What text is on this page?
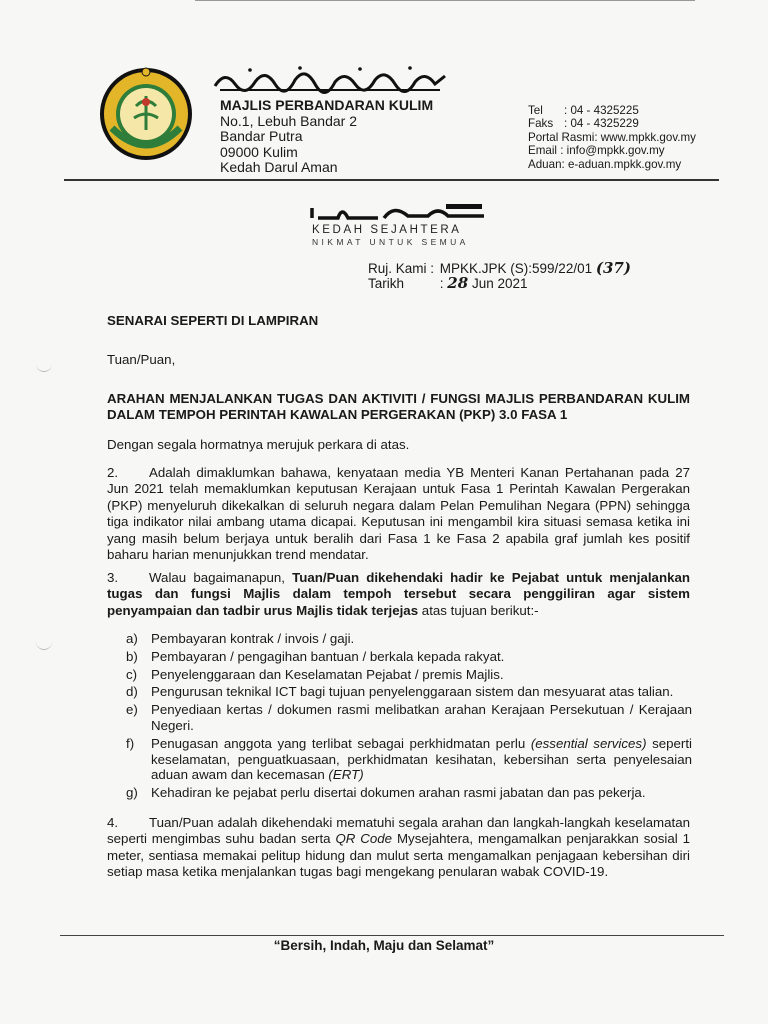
MAJLIS PERBANDARAN KULIM
No.1, Lebuh Bandar 2
Bandar Putra
09000 Kulim
Kedah Darul Aman
Tel : 04 - 4325225
Faks : 04 - 4325229
Portal Rasmi: www.mpkk.gov.my
Email : info@mpkk.gov.my
Aduan: e-aduan.mpkk.gov.my
KEDAH SEJAHTERA
NIKMAT UNTUK SEMUA
Ruj. Kami : MPKK.JPK (S):599/22/01 (37)
Tarikh	: 28 Jun 2021
SENARAI SEPERTI DI LAMPIRAN
Tuan/Puan,
ARAHAN MENJALANKAN TUGAS DAN AKTIVITI / FUNGSI MAJLIS PERBANDARAN KULIM DALAM TEMPOH PERINTAH KAWALAN PERGERAKAN (PKP) 3.0 FASA 1
Dengan segala hormatnya merujuk perkara di atas.
2. Adalah dimaklumkan bahawa, kenyataan media YB Menteri Kanan Pertahanan pada 27 Jun 2021 telah memaklumkan keputusan Kerajaan untuk Fasa 1 Perintah Kawalan Pergerakan (PKP) menyeluruh dikekalkan di seluruh negara dalam Pelan Pemulihan Negara (PPN) sehingga tiga indikator nilai ambang utama dicapai. Keputusan ini mengambil kira situasi semasa ketika ini yang masih belum berjaya untuk beralih dari Fasa 1 ke Fasa 2 apabila graf jumlah kes positif baharu harian menunjukkan trend mendatar.
3. Walau bagaimanapun, Tuan/Puan dikehendaki hadir ke Pejabat untuk menjalankan tugas dan fungsi Majlis dalam tempoh tersebut secara penggiliran agar sistem penyampaian dan tadbir urus Majlis tidak terjejas atas tujuan berikut:-
a) Pembayaran kontrak / invois / gaji.
b) Pembayaran / pengagihan bantuan / berkala kepada rakyat.
c)	Penyelenggaraan dan Keselamatan Pejabat / premis Majlis.
d) Pengurusan teknikal ICT bagi tujuan penyelenggaraan sistem dan mesyuarat atas talian.
e) Penyediaan kertas / dokumen rasmi melibatkan arahan Kerajaan Persekutuan / Kerajaan Negeri.
f)	Penugasan anggota yang terlibat sebagai perkhidmatan perlu (essential services) seperti keselamatan, penguatkuasaan, perkhidmatan kesihatan, kebersihan serta penyelesaian aduan awam dan kecemasan (ERT)
g) Kehadiran ke pejabat perlu disertai dokumen arahan rasmi jabatan dan pas pekerja.
4. Tuan/Puan adalah dikehendaki mematuhi segala arahan dan langkah-langkah keselamatan seperti mengimbas suhu badan serta QR Code Mysejahtera, mengamalkan penjarakkan sosial 1 meter, sentiasa memakai pelitup hidung dan mulut serta mengamalkan penjagaan kebersihan diri setiap masa ketika menjalankan tugas bagi mengekang penularan wabak COVID-19.
“Bersih, Indah, Maju dan Selamat”
